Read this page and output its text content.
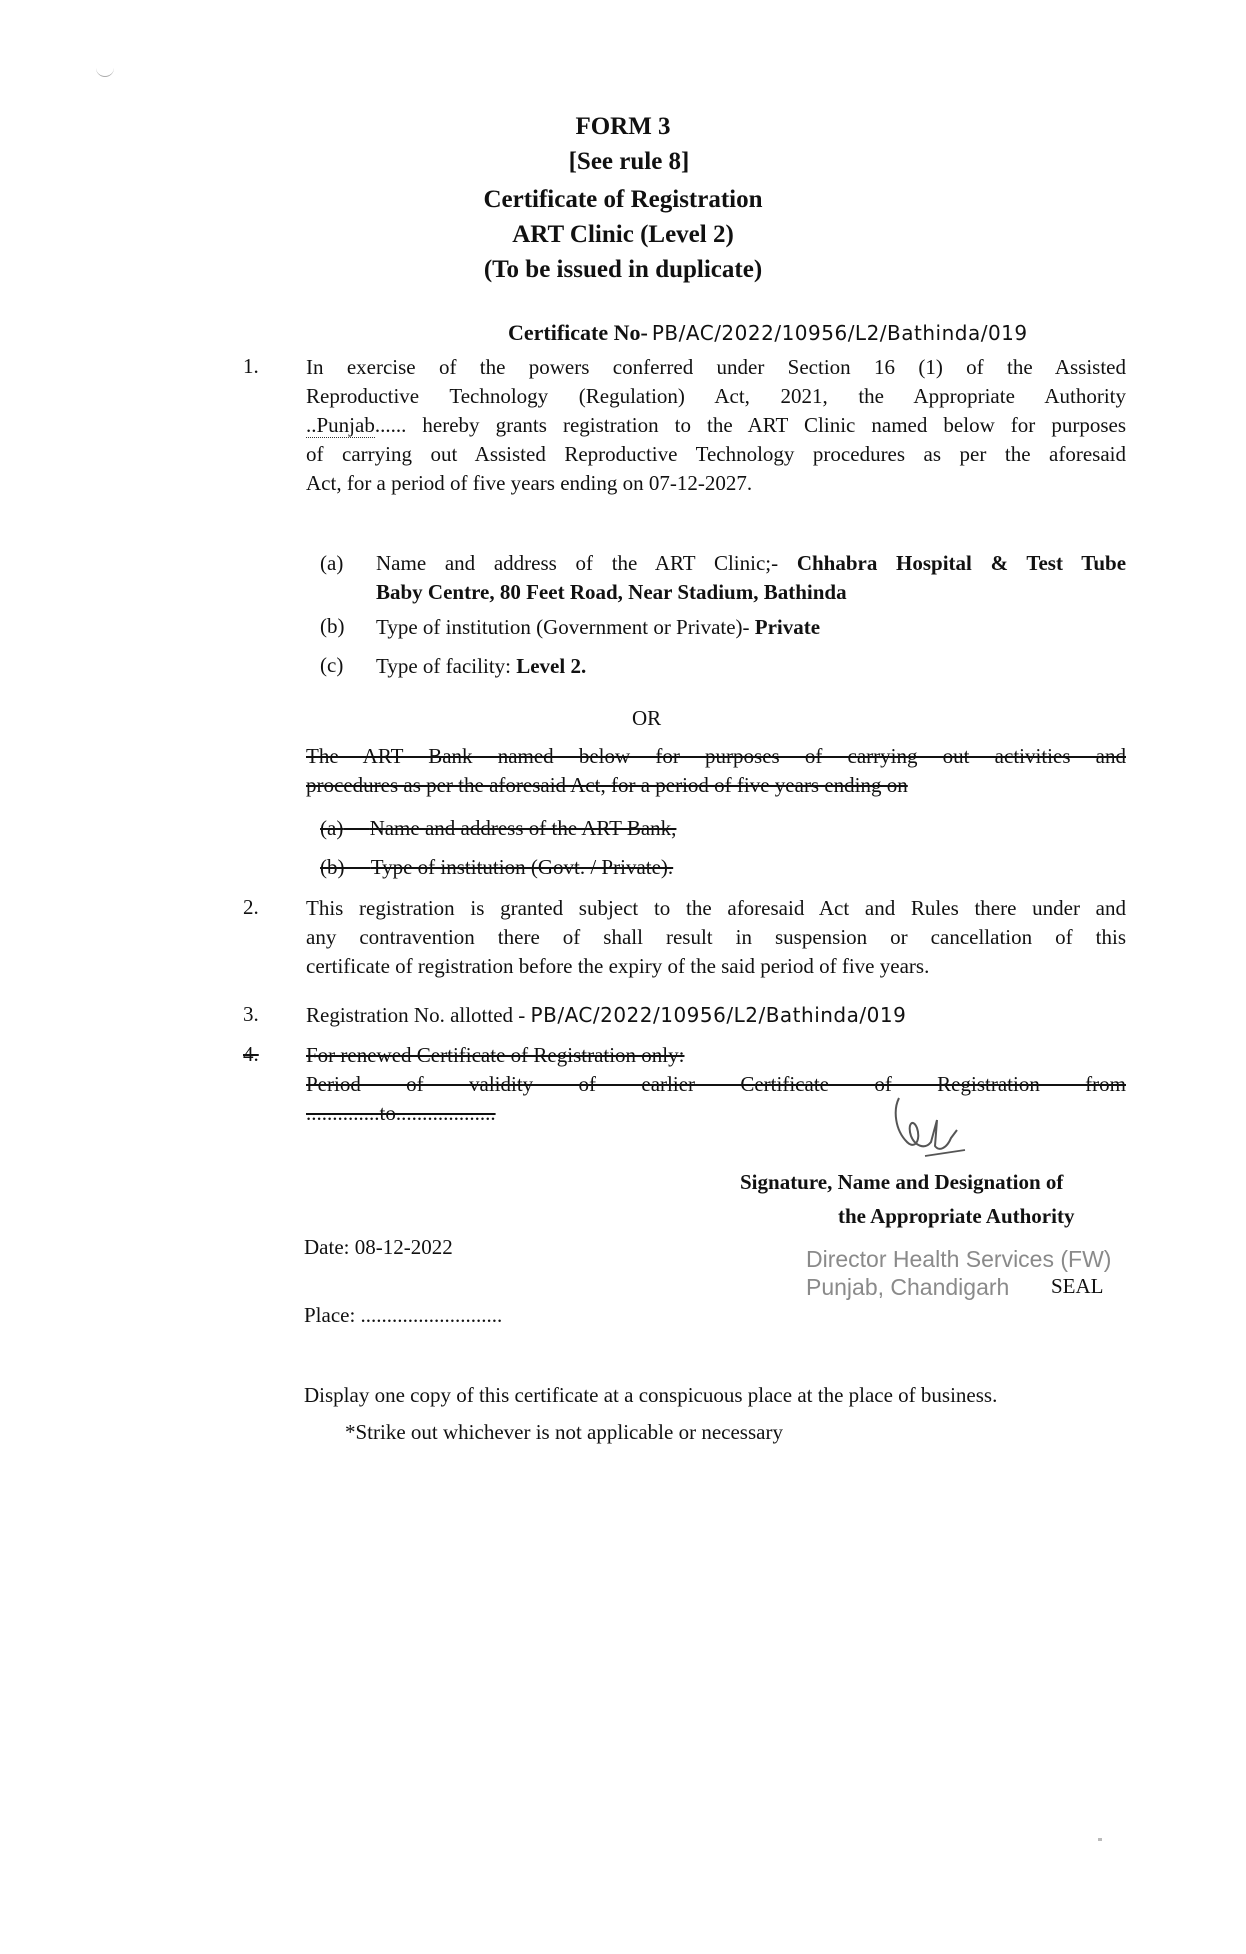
FORM 3
[See rule 8]
Certificate of Registration
ART Clinic (Level 2)
(To be issued in duplicate)
Certificate No- PB/AC/2022/10956/L2/Bathinda/019
1. In exercise of the powers conferred under Section 16 (1) of the Assisted
Reproductive Technology (Regulation) Act, 2021, the Appropriate Authority
..Punjab...... hereby grants registration to the ART Clinic named below for purposes
of carrying out Assisted Reproductive Technology procedures as per the aforesaid
Act, for a period of five years ending on 07-12-2027.
(a) Name and address of the ART Clinic;- Chhabra Hospital & Test Tube
Baby Centre, 80 Feet Road, Near Stadium, Bathinda
(b) Type of institution (Government or Private)- Private
(c) Type of facility: Level 2.
OR
The ART Bank named below for purposes of carrying out activities and
procedures as per the aforesaid Act, for a period of five years ending on
(a) Name and address of the ART Bank,
(b) Type of institution (Govt. / Private).
2. This registration is granted subject to the aforesaid Act and Rules there under and
any contravention there of shall result in suspension or cancellation of this
certificate of registration before the expiry of the said period of five years.
3. Registration No. allotted - PB/AC/2022/10956/L2/Bathinda/019
4. For renewed Certificate of Registration only:
Period of validity of earlier Certificate of Registration from
..............to...................
Signature, Name and Designation of
the Appropriate Authority
Director Health Services (FW)
Punjab, Chandigarh SEAL
Date: 08-12-2022
Place: ...........................
Display one copy of this certificate at a conspicuous place at the place of business.
*Strike out whichever is not applicable or necessary
